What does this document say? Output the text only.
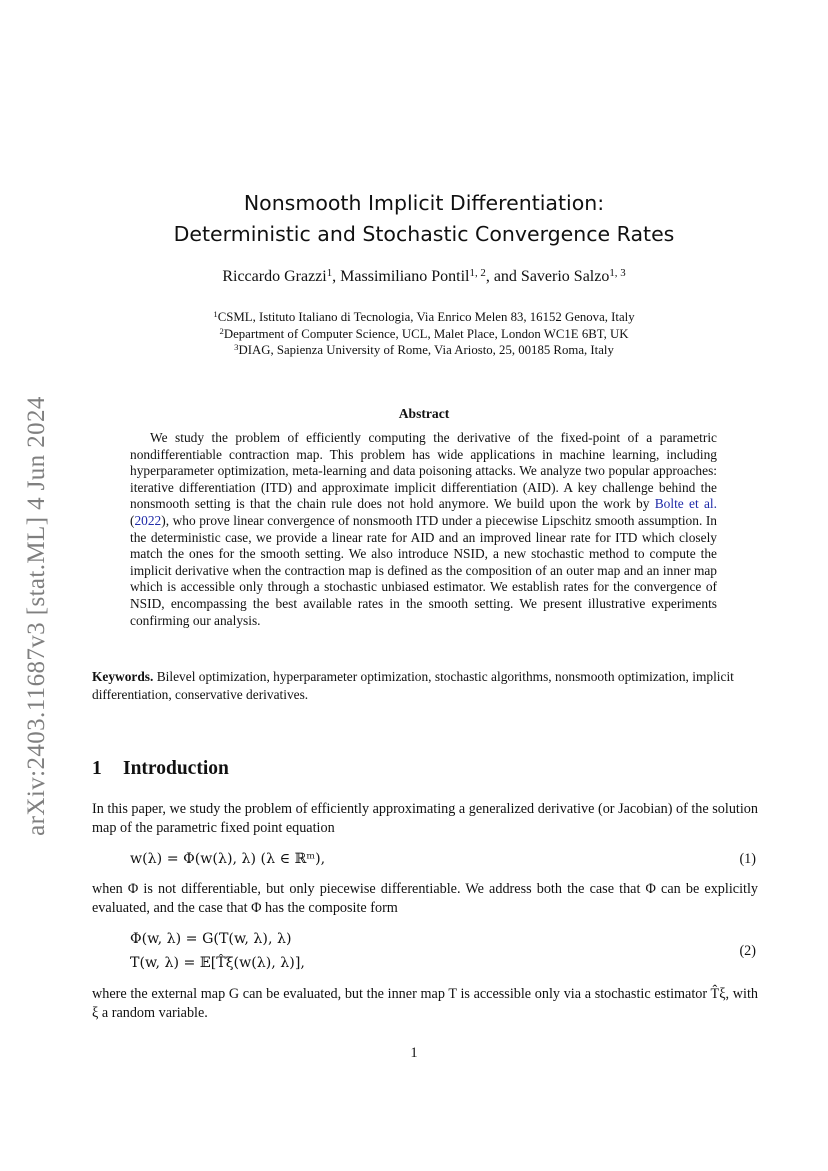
arXiv:2403.11687v3 [stat.ML] 4 Jun 2024
Nonsmooth Implicit Differentiation:
Deterministic and Stochastic Convergence Rates

Riccardo Grazzi$^1$, Massimiliano Pontil$^{1, 2}$, and Saverio Salzo$^{1, 3}$

$^1$CSML, Istituto Italiano di Tecnologia, Via Enrico Melen 83, 16152 Genova, Italy
$^2$Department of Computer Science, UCL, Malet Place, London WC1E 6BT, UK
$^3$DIAG, Sapienza University of Rome, Via Ariosto, 25, 00185 Roma, Italy
Abstract

We study the problem of efficiently computing the derivative of the fixed-point of a parametric nondifferentiable contraction map. This problem has wide applications in machine learning, including hyperparameter optimization, meta-learning and data poisoning attacks. We analyze two popular approaches: iterative differentiation (ITD) and approximate implicit differentiation (AID). A key challenge behind the nonsmooth setting is that the chain rule does not hold anymore. We build upon the work by Bolte et al. (2022), who prove linear convergence of nonsmooth ITD under a piecewise Lipschitz smooth assumption. In the deterministic case, we provide a linear rate for AID and an improved linear rate for ITD which closely match the ones for the smooth setting. We also introduce NSID, a new stochastic method to compute the implicit derivative when the contraction map is defined as the composition of an outer map and an inner map which is accessible only through a stochastic unbiased estimator. We establish rates for the convergence of NSID, encompassing the best available rates in the smooth setting. We present illustrative experiments confirming our analysis.

Keywords. Bilevel optimization, hyperparameter optimization, stochastic algorithms, nonsmooth optimization, implicit differentiation, conservative derivatives.

1 Introduction

In this paper, we study the problem of efficiently approximating a generalized derivative (or Jacobian) of the solution map of the parametric fixed point equation

w(λ) = Φ(w(λ), λ) (λ ∈ ℝᵐ),	(1)

when Φ is not differentiable, but only piecewise differentiable. We address both the case that Φ can be explicitly evaluated, and the case that Φ has the composite form

Φ(w, λ) = G(T(w, λ), λ)
T(w, λ) = 𝔼[T̂ξ(w(λ), λ)],
(2)

where the external map G can be evaluated, but the inner map T is accessible only via a stochastic estimator T̂ξ, with ξ a random variable.

1
